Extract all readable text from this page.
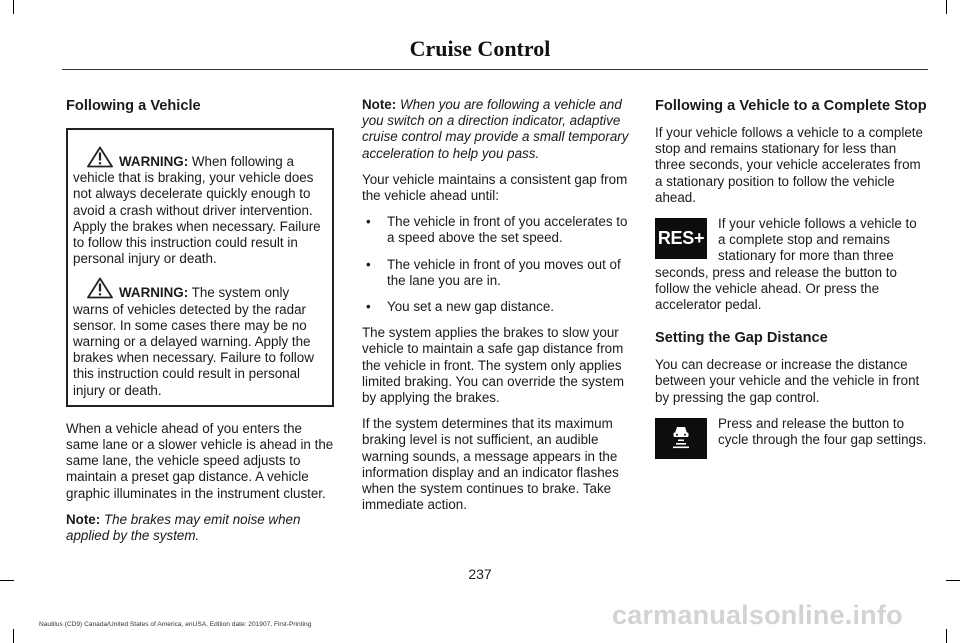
Cruise Control
Following a Vehicle

WARNING: When following a vehicle that is braking, your vehicle does not always decelerate quickly enough to avoid a crash without driver intervention. Apply the brakes when necessary. Failure to follow this instruction could result in personal injury or death.

WARNING: The system only warns of vehicles detected by the radar sensor. In some cases there may be no warning or a delayed warning. Apply the brakes when necessary. Failure to follow this instruction could result in personal injury or death.

When a vehicle ahead of you enters the same lane or a slower vehicle is ahead in the same lane, the vehicle speed adjusts to maintain a preset gap distance. A vehicle graphic illuminates in the instrument cluster.

Note: The brakes may emit noise when applied by the system.

Note: When you are following a vehicle and you switch on a direction indicator, adaptive cruise control may provide a small temporary acceleration to help you pass.

Your vehicle maintains a consistent gap from the vehicle ahead until:

• The vehicle in front of you accelerates to a speed above the set speed.
• The vehicle in front of you moves out of the lane you are in.
• You set a new gap distance.

The system applies the brakes to slow your vehicle to maintain a safe gap distance from the vehicle in front. The system only applies limited braking. You can override the system by applying the brakes.

If the system determines that its maximum braking level is not sufficient, an audible warning sounds, a message appears in the information display and an indicator flashes when the system continues to brake. Take immediate action.

Following a Vehicle to a Complete Stop

If your vehicle follows a vehicle to a complete stop and remains stationary for less than three seconds, your vehicle accelerates from a stationary position to follow the vehicle ahead.

RES+
If your vehicle follows a vehicle to a complete stop and remains stationary for more than three seconds, press and release the button to follow the vehicle ahead. Or press the accelerator pedal.
Setting the Gap Distance

You can decrease or increase the distance between your vehicle and the vehicle in front by pressing the gap control.

Press and release the button to cycle through the four gap settings.
237
Nautilus (CD9) Canada/United States of America, enUSA, Edition date: 201907, First-Printing	carmanualsonline.info
